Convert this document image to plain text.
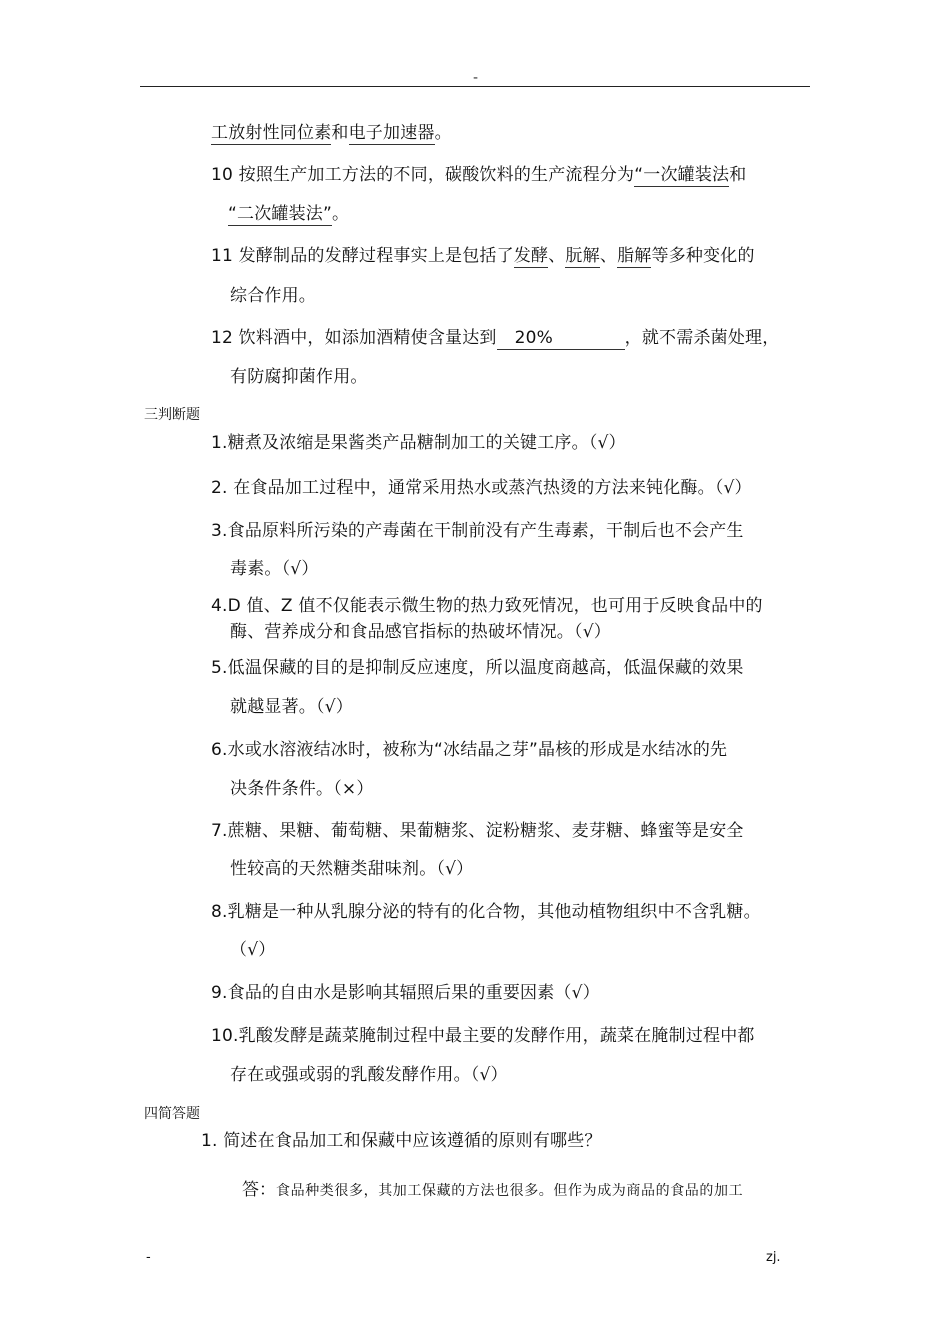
-
工放射性同位素和电子加速器。
10 按照生产加工方法的不同，碳酸饮料的生产流程分为“一次罐装法和
“二次罐装法”。
11 发酵制品的发酵过程事实上是包括了发酵、朊解、脂解等多种变化的
综合作用。
12 饮料酒中，如添加酒精使含量达到 20%	，就不需杀菌处理，
有防腐抑菌作用。
三判断题
1.糖煮及浓缩是果酱类产品糖制加工的关键工序。（√）
2. 在食品加工过程中，通常采用热水或蒸汽热烫的方法来钝化酶。（√）
3.食品原料所污染的产毒菌在干制前没有产生毒素，干制后也不会产生
毒素。（√）
4.D 值、Z 值不仅能表示微生物的热力致死情况，也可用于反映食品中的
酶、营养成分和食品感官指标的热破坏情况。（√）
5.低温保藏的目的是抑制反应速度，所以温度商越高，低温保藏的效果
就越显著。（√）
6.水或水溶液结冰时，被称为“冰结晶之芽”晶核的形成是水结冰的先
决条件条件。（×）
7.蔗糖、果糖、葡萄糖、果葡糖浆、淀粉糖浆、麦芽糖、蜂蜜等是安全
性较高的天然糖类甜味剂。（√）
8.乳糖是一种从乳腺分泌的特有的化合物，其他动植物组织中不含乳糖。
（√）
9.食品的自由水是影响其辐照后果的重要因素（√）
10.乳酸发酵是蔬菜腌制过程中最主要的发酵作用，蔬菜在腌制过程中都
存在或强或弱的乳酸发酵作用。（√）
四简答题
1. 简述在食品加工和保藏中应该遵循的原则有哪些？
答：食品种类很多，其加工保藏的方法也很多。但作为成为商品的食品的加工
-	zj.
